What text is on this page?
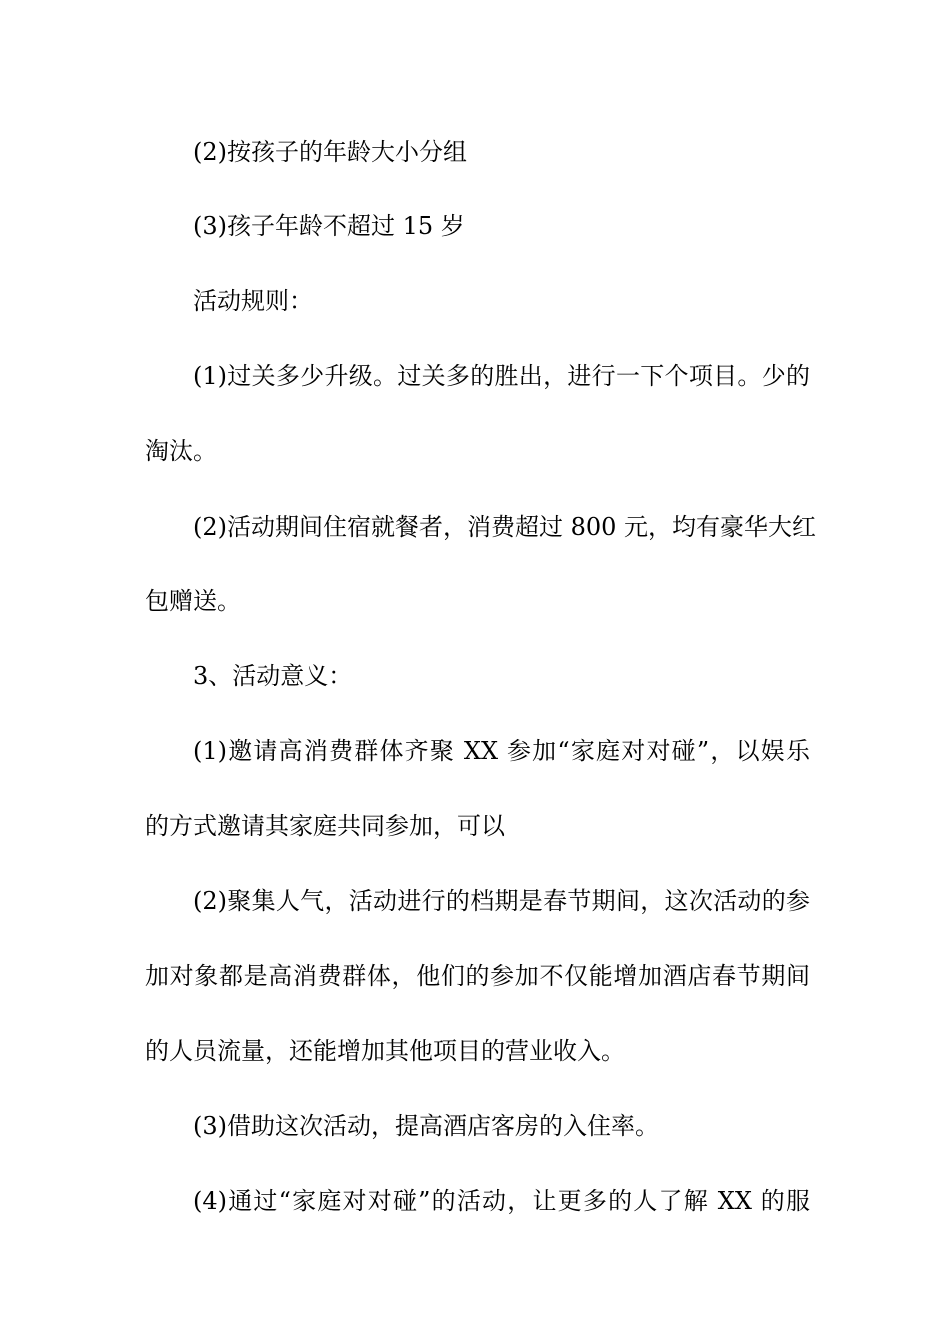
(2)按孩子的年龄大小分组
(3)孩子年龄不超过 15 岁
活动规则：
(1)过关多少升级。过关多的胜出，进行一下个项目。少的
淘汰。
(2)活动期间住宿就餐者，消费超过 800 元，均有豪华大红
包赠送。
3、活动意义：
(1)邀请高消费群体齐聚 XX 参加“家庭对对碰”，以娱乐
的方式邀请其家庭共同参加，可以
(2)聚集人气，活动进行的档期是春节期间，这次活动的参
加对象都是高消费群体，他们的参加不仅能增加酒店春节期间
的人员流量，还能增加其他项目的营业收入。
(3)借助这次活动，提高酒店客房的入住率。
(4)通过“家庭对对碰”的活动，让更多的人了解 XX 的服
